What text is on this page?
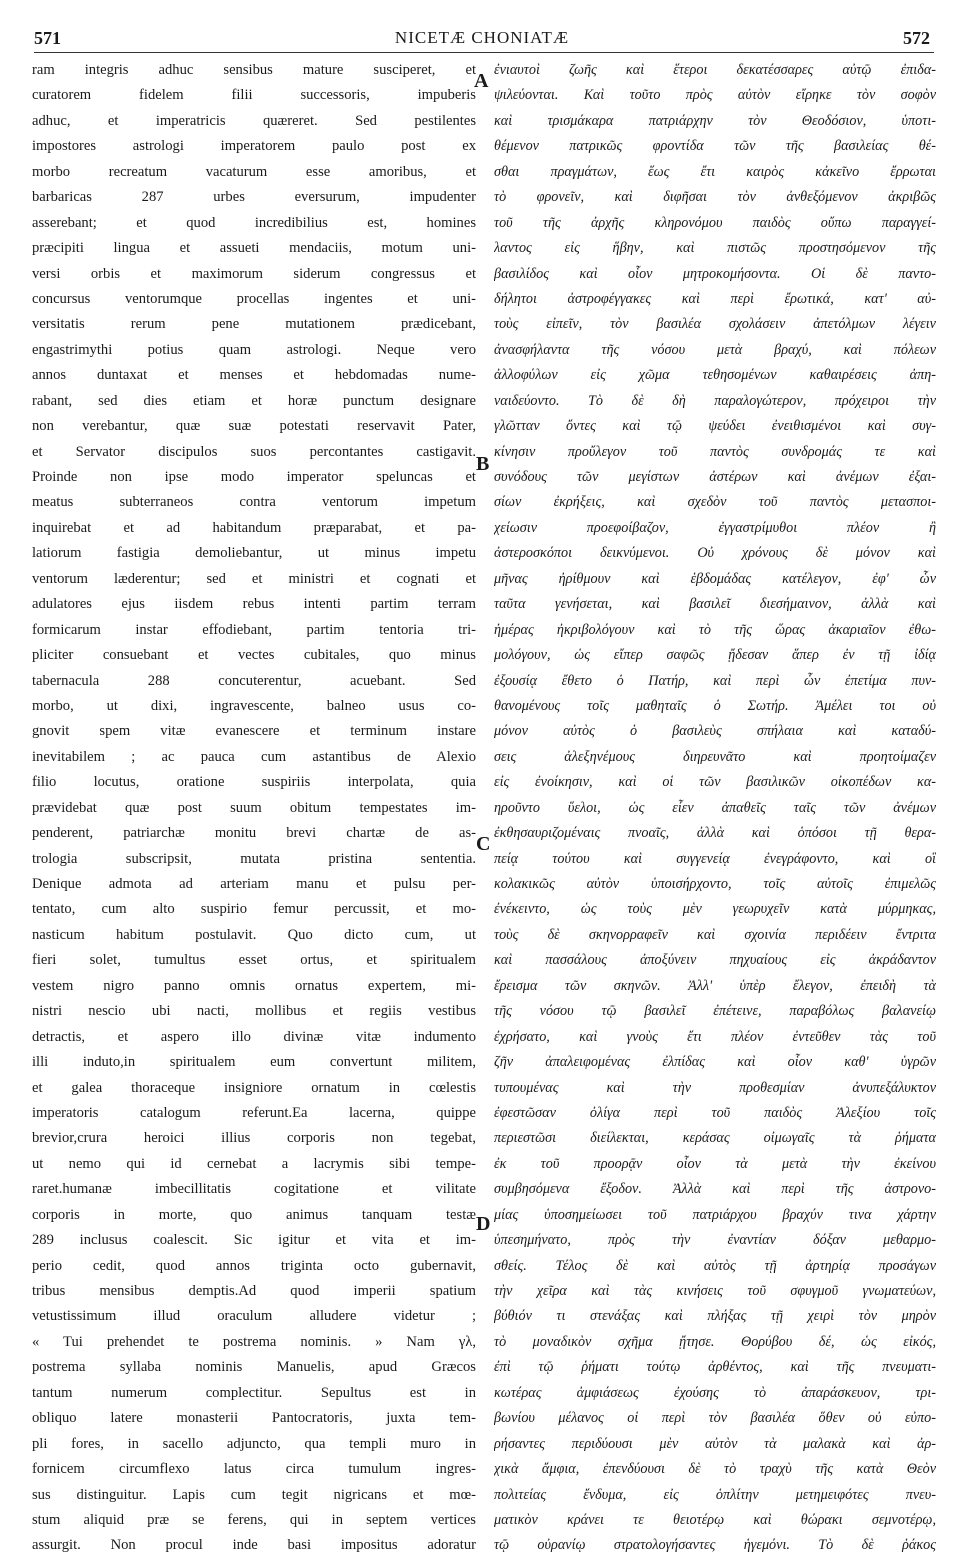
571	NICETÆ CHONIATÆ	572
ram integris adhuc sensibus mature susciperet, et
curatorem fidelem filii successoris, impuberis
adhuc, et imperatricis quæreret. Sed pestilentes
impostores astrologi imperatorem paulo post ex
morbo recreatum vacaturum esse amoribus, et
barbaricas 287 urbes eversurum, impudenter
asserebant; et quod incredibilius est, homines
præcipiti lingua et assueti mendaciis, motum uni-
versi orbis et maximorum siderum congressus et
concursus ventorumque procellas ingentes et uni-
versitatis rerum pene mutationem prædicebant,
engastrimythi potius quam astrologi. Neque vero
annos duntaxat et menses et hebdomadas nume-
rabant, sed dies etiam et horæ punctum designare
non verebantur, quæ suæ potestati reservavit Pater,
et Servator discipulos suos percontantes castigavit.
Proinde non ipse modo imperator speluncas et
meatus subterraneos contra ventorum impetum
inquirebat et ad habitandum præparabat, et pa-
latiorum fastigia demoliebantur, ut minus impetu
ventorum læderentur; sed et ministri et cognati et
adulatores ejus iisdem rebus intenti partim terram
formicarum instar effodiebant, partim tentoria tri-
pliciter consuebant et vectes cubitales, quo minus
tabernacula 288 concuterentur, acuebant. Sed
morbo, ut dixi, ingravescente, balneo usus co-
gnovit spem vitæ evanescere et terminum instare
inevitabilem ; ac pauca cum astantibus de Alexio
filio locutus, oratione suspiriis interpolata, quia
prævidebat quæ post suum obitum tempestates im-
penderent, patriarchæ monitu brevi chartæ de as-
trologia subscripsit, mutata pristina sententia.
Denique admota ad arteriam manu et pulsu per-
tentato, cum alto suspirio femur percussit, et mo-
nasticum habitum postulavit. Quo dicto cum, ut
fieri solet, tumultus esset ortus, et spiritualem
vestem nigro panno omnis ornatus expertem, mi-
nistri nescio ubi nacti, mollibus et regiis vestibus
detractis, et aspero illo divinæ vitæ indumento
illi induto,in spiritualem eum convertunt militem,
et galea thoraceque insigniore ornatum in cœlestis
imperatoris catalogum referunt.Ea lacerna, quippe
brevior,crura heroici illius corporis non tegebat,
ut nemo qui id cernebat a lacrymis sibi tempe-
raret.humanæ imbecillitatis cogitatione et vilitate
corporis in morte, quo animus tanquam testæ
289 inclusus coalescit. Sic igitur et vita et im-
perio cedit, quod annos triginta octo gubernavit,
tribus mensibus demptis.Ad quod imperii spatium
vetustissimum illud oraculum alludere videtur ;
« Tui prehendet te postrema nominis. » Nam γλ,
postrema syllaba nominis Manuelis, apud Græcos
tantum numerum complectitur. Sepultus est in
obliquo latere monasterii Pantocratoris, juxta tem-
pli fores, in sacello adjuncto, qua templi muro in
fornicem circumflexo latus circa tumulum ingres-
sus distinguitur. Lapis cum tegit nigricans et mœ-
stum aliquid præ se ferens, qui in septem vertices
assurgit. Non procul inde basi impositus adoratur
ἐνιαυτοὶ ζωῆς καὶ ἕτεροι δεκατέσσαρες αὐτῷ ἐπιδα-
ψιλεύονται. Καὶ τοῦτο πρὸς αὐτὸν εἴρηκε τὸν σοφὸν
καὶ τρισμάκαρα πατριάρχην τὸν Θεοδόσιον, ὑποτι-
θέμενον πατρικῶς φροντίδα τῶν τῆς βασιλείας θέ-
σθαι πραγμάτων, ἕως ἔτι καιρὸς κἀκεῖνο ἔρρωται
τὸ φρονεῖν, καὶ διφῆσαι τὸν ἀνθεξόμενον ἀκριβῶς
τοῦ τῆς ἀρχῆς κληρονόμου παιδὸς οὔπω παραγγεί-
λαντος εἰς ἥβην, καὶ πιστῶς προστησόμενον τῆς
βασιλίδος καὶ οἷον μητροκομήσοντα. Οἱ δὲ παντο-
δήλητοι ἀστροφέγγακες καὶ περὶ ἔρωτικά, κατ' αὐ-
τοὺς εἰπεῖν, τὸν βασιλέα σχολάσειν ἀπετόλμων λέγειν
ἀνασφήλαντα τῆς νόσου μετὰ βραχύ, καὶ πόλεων
ἀλλοφύλων εἰς χῶμα τεθησομένων καθαιρέσεις ἀπη-
ναιδεύοντο. Τὸ δὲ δὴ παραλογώτερον, πρόχειροι τὴν
γλῶτταν ὄντες καὶ τῷ ψεύδει ἐνειθισμένοι καὶ συγ-
κίνησιν προὔλεγον τοῦ παντὸς συνδρομάς τε καὶ
συνόδους τῶν μεγίστων ἀστέρων καὶ ἀνέμων ἐξαι-
σίων ἐκρήξεις, καὶ σχεδὸν τοῦ παντὸς μετασποι-
χείωσιν προεφοίβαζον, ἐγγαστρίμυθοι πλέον ἢ
ἀστεροσκόποι δεικνύμενοι. Οὐ χρόνους δὲ μόνον καὶ
μῆνας ἠρίθμουν καὶ ἑβδομάδας κατέλεγον, ἐφ' ὧν
ταῦτα γενήσεται, καὶ βασιλεῖ διεσήμαινον, ἀλλὰ καὶ
ἡμέρας ἠκριβολόγουν καὶ τὸ τῆς ὥρας ἀκαριαῖον ἐθω-
μολόγουν, ὡς εἴπερ σαφῶς ᾔδεσαν ἅπερ ἐν τῇ ἰδίᾳ
ἐξουσίᾳ ἔθετο ὁ Πατήρ, καὶ περὶ ὧν ἐπετίμα πυν-
θανομένους τοῖς μαθηταῖς ὁ Σωτήρ. Ἀμέλει τοι οὐ
μόνον αὐτὸς ὁ βασιλεὺς σπήλαια καὶ καταδύ-
σεις ἀλεξηνέμους διηρευνᾶτο καὶ προητοίμαζεν
εἰς ἐνοίκησιν, καὶ οἱ τῶν βασιλικῶν οἰκοπέδων κα-
ηροῦντο ὕελοι, ὡς εἶεν ἀπαθεῖς ταῖς τῶν ἀνέμων
ἐκθησαυριζομέναις πνοαῖς, ἀλλὰ καὶ ὁπόσοι τῇ θερα-
πείᾳ τούτου καὶ συγγενείᾳ ἐνεγράφοντο, καὶ οἳ
κολακικῶς αὐτὸν ὑποισήρχοντο, τοῖς αὐτοῖς ἐπιμελῶς
ἐνέκειντο, ὡς τοὺς μὲν γεωρυχεῖν κατὰ μύρμηκας,
τοὺς δὲ σκηνορραφεῖν καὶ σχοινία περιδέειν ἔντριτα
καὶ πασσάλους ἀποξύνειν πηχυαίους εἰς ἀκράδαντον
ἔρεισμα τῶν σκηνῶν. Ἀλλ' ὑπὲρ ἔλεγον, ἐπειδὴ τὰ
τῆς νόσου τῷ βασιλεῖ ἐπέτεινε, παραβόλως βαλανείῳ
ἐχρήσατο, καὶ γνοὺς ἔτι πλέον ἐντεῦθεν τὰς τοῦ
ζῆν ἀπαλειφομένας ἐλπίδας καὶ οἷον καθ' ὑγρῶν
τυπουμένας καὶ τὴν προθεσμίαν ἀνυπεξάλυκτον
ἐφεστῶσαν ὀλίγα περὶ τοῦ παιδὸς Ἀλεξίου τοῖς
περιεστῶσι διείλεκται, κεράσας οἰμωγαῖς τὰ ῥήματα
ἐκ τοῦ προορᾷν οἷον τὰ μετὰ τὴν ἐκείνου
συμβησόμενα ἔξοδον. Ἀλλὰ καὶ περὶ τῆς ἀστρονο-
μίας ὑποσημείωσει τοῦ πατριάρχου βραχύν τινα χάρτην
ὑπεσημήνατο, πρὸς τὴν ἐναντίαν δόξαν μεθαρμο-
σθείς. Τέλος δὲ καὶ αὐτὸς τῇ ἀρτηρίᾳ προσάγων
τὴν χεῖρα καὶ τὰς κινήσεις τοῦ σφυγμοῦ γνωματεύων,
βύθιόν τι στενάξας καὶ πλήξας τῇ χειρὶ τὸν μηρὸν
τὸ μοναδικὸν σχῆμα ᾔτησε. Θορύβου δέ, ὡς εἰκός,
ἐπὶ τῷ ῥήματι τούτῳ ἀρθέντος, καὶ τῆς πνευματι-
κωτέρας ἀμφιάσεως ἐχούσης τὸ ἀπαράσκευον, τρι-
βωνίου μέλανος οἱ περὶ τὸν βασιλέα ὅθεν οὐ εὐπο-
ρήσαντες περιδύουσι μὲν αὐτὸν τὰ μαλακὰ καὶ ἀρ-
χικὰ ἄμφια, ἐπενδύουσι δὲ τὸ τραχὺ τῆς κατὰ Θεὸν
πολιτείας ἔνδυμα, εἰς ὁπλίτην μετημειφότες πνευ-
ματικὸν κράνει τε θειοτέρῳ καὶ θώρακι σεμνοτέρῳ,
τῷ οὐρανίῳ στρατολογήσαντες ἡγεμόνι. Τὸ δὲ ῥάκος
A
B
C
D
